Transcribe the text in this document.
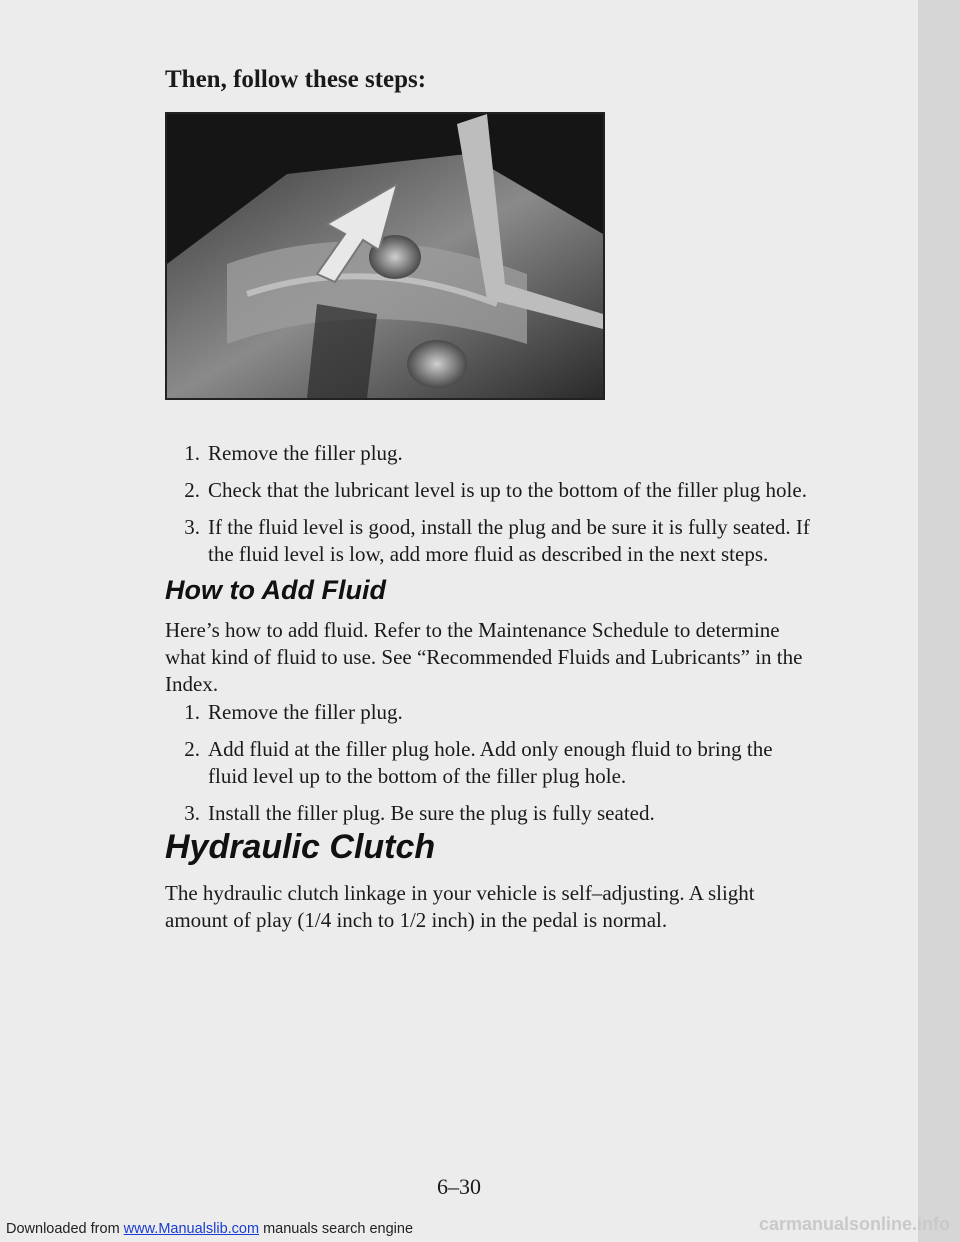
Then, follow these steps:

1. Remove the filler plug.
2. Check that the lubricant level is up to the bottom of the filler plug hole.
3. If the fluid level is good, install the plug and be sure it is fully seated. If the fluid level is low, add more fluid as described in the next steps.
How to Add Fluid

Here’s how to add fluid. Refer to the Maintenance Schedule to determine what kind of fluid to use. See “Recommended Fluids and Lubricants” in the Index.

1. Remove the filler plug.
2. Add fluid at the filler plug hole. Add only enough fluid to bring the fluid level up to the bottom of the filler plug hole.
3. Install the filler plug. Be sure the plug is fully seated.
Hydraulic Clutch

The hydraulic clutch linkage in your vehicle is self–adjusting. A slight amount of play (1/4 inch to 1/2 inch) in the pedal is normal.

6–30

Downloaded from www.Manualslib.com manuals search engine	carmanualsonline.info
